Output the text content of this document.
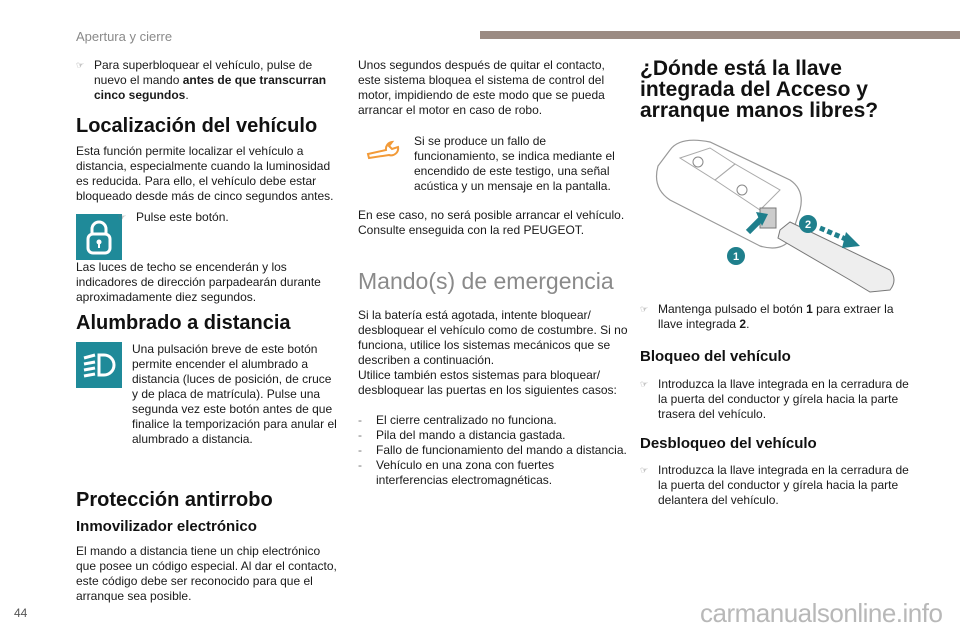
Apertura y cierre
☞ Para superbloquear el vehículo, pulse de nuevo el mando antes de que transcurran cinco segundos.
Localización del vehículo
Esta función permite localizar el vehículo a distancia, especialmente cuando la luminosidad es reducida. Para ello, el vehículo debe estar bloqueado desde más de cinco segundos antes.
☞ Pulse este botón.
Las luces de techo se encenderán y los indicadores de dirección parpadearán durante aproximadamente diez segundos.
Alumbrado a distancia
Una pulsación breve de este botón permite encender el alumbrado a distancia (luces de posición, de cruce y de placa de matrícula). Pulse una segunda vez este botón antes de que finalice la temporización para anular el alumbrado a distancia.
Protección antirrobo
Inmovilizador electrónico
El mando a distancia tiene un chip electrónico que posee un código especial. Al dar el contacto, este código debe ser reconocido para que el arranque sea posible.
Unos segundos después de quitar el contacto, este sistema bloquea el sistema de control del motor, impidiendo de este modo que se pueda arrancar el motor en caso de robo.
Si se produce un fallo de funcionamiento, se indica mediante el encendido de este testigo, una señal acústica y un mensaje en la pantalla.
En ese caso, no será posible arrancar el vehículo. Consulte enseguida con la red PEUGEOT.
Mando(s) de emergencia
Si la batería está agotada, intente bloquear/ desbloquear el vehículo como de costumbre. Si no funciona, utilice los sistemas mecánicos que se describen a continuación.
Utilice también estos sistemas para bloquear/ desbloquear las puertas en los siguientes casos:
- El cierre centralizado no funciona.
- Pila del mando a distancia gastada.
- Fallo de funcionamiento del mando a distancia.
- Vehículo en una zona con fuertes interferencias electromagnéticas.
¿Dónde está la llave integrada del Acceso y arranque manos libres?
1
2
☞ Mantenga pulsado el botón 1 para extraer la llave integrada 2.
Bloqueo del vehículo
☞ Introduzca la llave integrada en la cerradura de la puerta del conductor y gírela hacia la parte trasera del vehículo.
Desbloqueo del vehículo
☞ Introduzca la llave integrada en la cerradura de la puerta del conductor y gírela hacia la parte delantera del vehículo.
44	carmanualsonline.info
